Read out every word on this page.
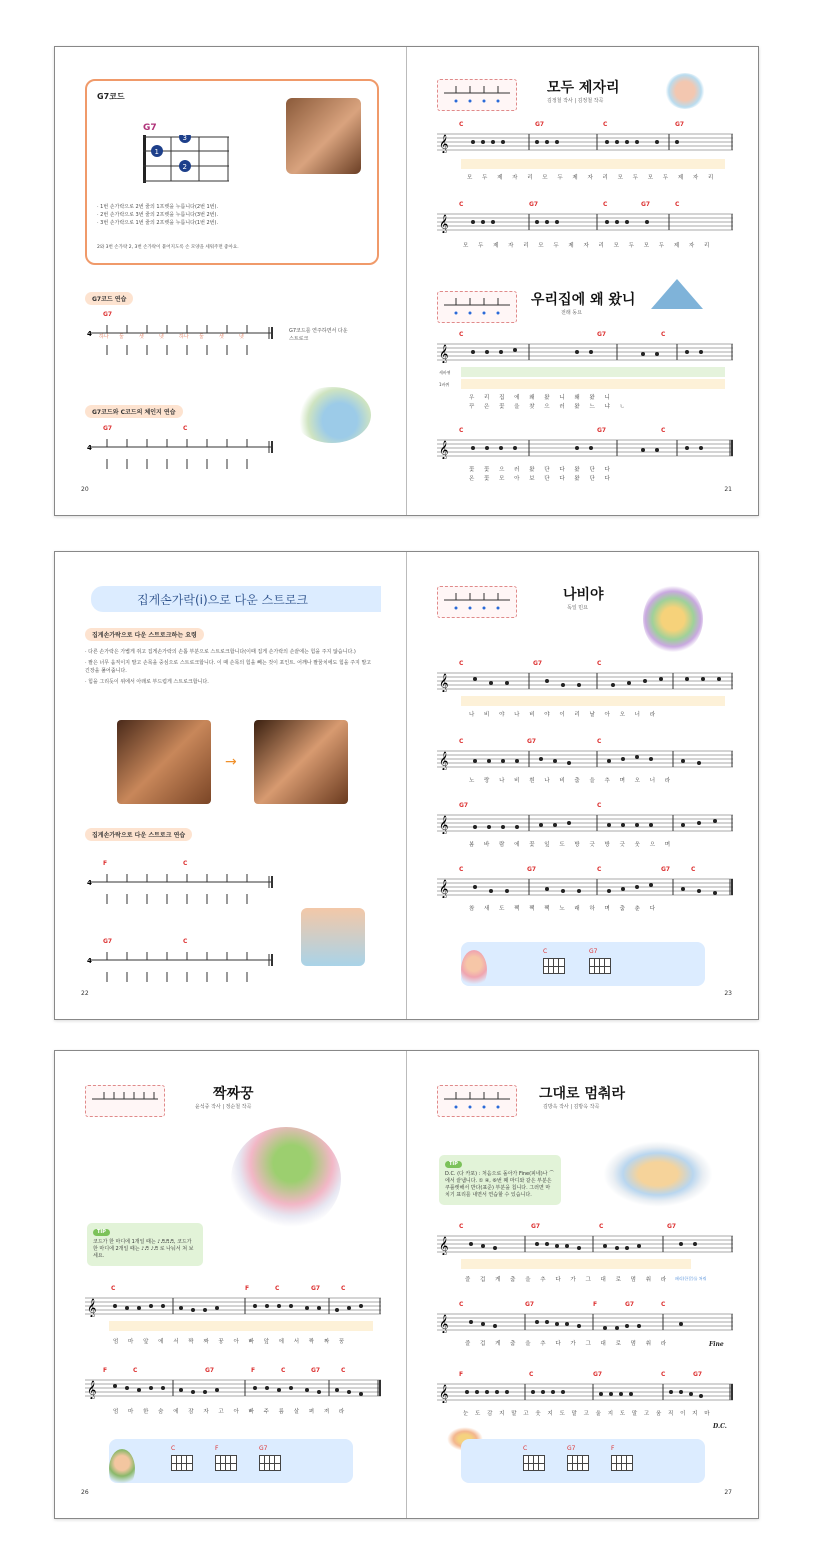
G7코드
G7
1
2
3
· 1번 손가락으로 2번 줄의 1프렛을 누릅니다(2번 1번).
· 2번 손가락으로 3번 줄의 2프렛을 누릅니다(3번 2번).
· 3번 손가락으로 1번 줄의 2프렛을 누릅니다(1번 2번).
2와 3번 손가락 2, 3번 손가락이 붙어지도록 손 모양을 세워주면 좋아요.
G7코드 연습
G7
4 하나 둘	셋	넷	하나 둘	셋	넷
G7코드를 연주하면서 다운 스트로크
G7코드와 C코드의 체인지 연습
G7	C
4
20
모두 제자리
김정철 작사 | 김정철 작곡
C	G7	C	G7
𝄞
모 두 제 자 리 모 두 제 자 리 모 두 모 두 제 자 리
C	G7	C	G7	C
𝄞
모 두 제 자 리 모 두 제 자 리 모 두 모 두 제 자 리
우리집에 왜 왔니
전래 동요
C	G7	C
𝄞
세바퀴
1바퀴
우 리 집 에 왜 왔 니 왜 왔 니
꾸 은 꽃 을 찾 으 러 왔 느 냐 ㄴ
C	G7	C
𝄞
꽃 꽃 으 러 왔 단 다 왔 단 다
온 꽃 모 아 보 단 다 왔 단 다
21
집게손가락(i)으로 다운 스트로크
집게손가락으로 다운 스트로크하는 요령
· 다른 손가락은 가볍게 쥐고 집게손가락의 손톱 부분으로 스트로크합니다(이때 집게 손가락의 손끝에는 힘을 주지 않습니다.)
· 팔은 너무 움직이지 말고 손목을 중심으로 스트로크합니다. 이 때 손목의 힘을 빼는 것이 포인트. 어깨나 팔꿈치에도 힘을 주지 말고 긴장을 풀어줍니다.
· 힘을 그리듯이 위에서 아래로 부드럽게 스트로크합니다.
→
집게손가락으로 다운 스트로크 연습
F	C
4
G7	C
4
22
나비야
독일 민요
C	G7	C
𝄞
나 비 야 나 비 야 이 리 날 아 오 너 라
C	G7	C
𝄞
노 랑 나 비 흰 나 비 춤 을 추 며 오 너 라
G7	C
𝄞
봄 바 람 에 꽃 잎 도 방 긋 방 긋 웃 으 며
C	G7	C	G7	C
𝄞
참 새 도 짹 짹 짹 노 래 하 며 춤 춘 다
C	G7
23
짝짜꿍
윤석중 작사 | 정순철 작곡
TIP
코드가 한 마디에 1개일 때는 ♪♬♬♬, 코드가 한 마디에 2개일 때는 ♪♬ ♪♬ 로 나눠서 쳐 보세요.
C	F	C	G7	C
𝄞
엄 마 앞 에 서 짝 짜 꿍 아 빠 앞 에 서 짝 짜 꿍
F	C	G7	F	C	G7	C
𝄞
엄 마 한 숨 에 잠 자 고 아 빠 주 름 살 펴 져 라
C	F	G7
26
그대로 멈춰라
김방옥 작사 | 김방옥 작곡
TIP
D.C. (다 카포) : 처음으로 돌아가 Fine(피네)나 ⌒ 에서 끝냅니다. ① ④, ⑥번 째 마디와 같은 부분은 쿠플렛해서 반다(표준) 부분을 칩니다. 그러면 마치기 표리를 내면서 연습할 수 있습니다.
C	G7	C	G7
𝄞
패리(한갈)를 쳐줘
즐 겁 게 춤 을 추 다 가 그 대 로 멈 춰 라
C	G7	F	G7	C
𝄞
즐 겁 게 춤 을 추 다 가 그 대 로 멈 춰 라	Fine
F	C	G7	C	G7
𝄞
눈 도 감 지 말 고 웃 지 도 말 고 울 지 도 말 고 움 직 이 지 마
D.C.
C	G7	F
27
